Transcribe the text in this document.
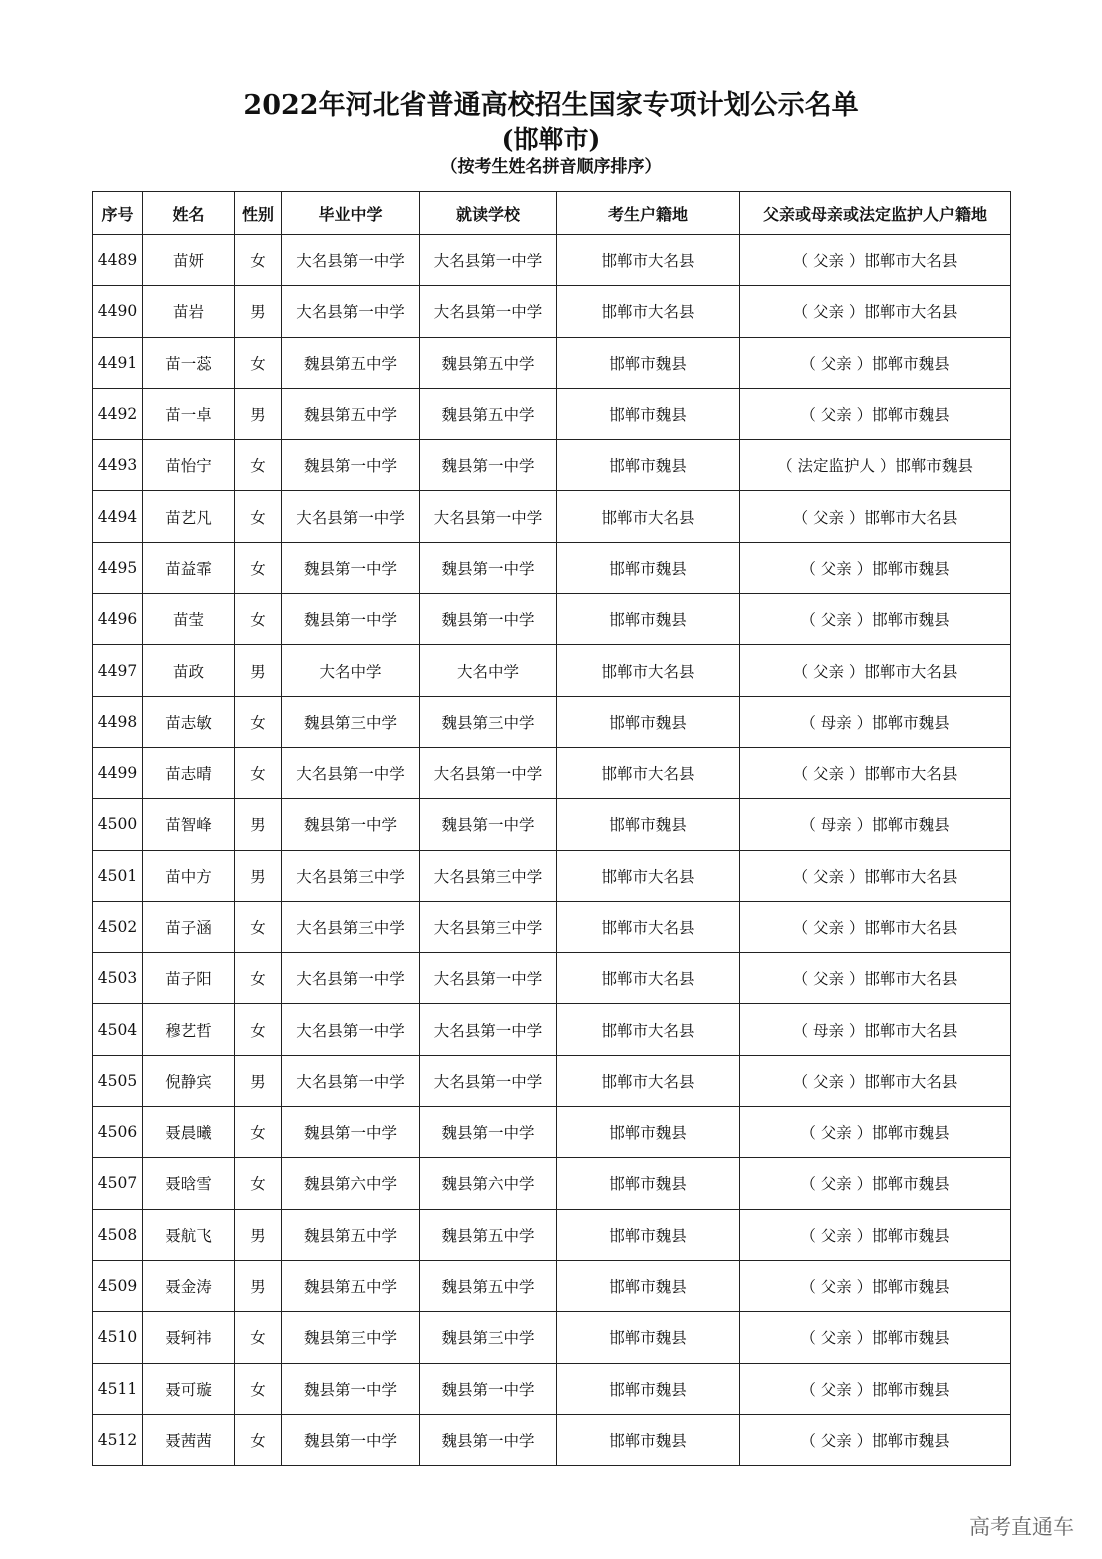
2022年河北省普通高校招生国家专项计划公示名单
(邯郸市)
（按考生姓名拼音顺序排序）
序号	姓名	性别	毕业中学	就读学校	考生户籍地	父亲或母亲或法定监护人户籍地
4489	苗妍	女	大名县第一中学	大名县第一中学	邯郸市大名县	（ 父亲 ）邯郸市大名县
4490	苗岩	男	大名县第一中学	大名县第一中学	邯郸市大名县	（ 父亲 ）邯郸市大名县
4491	苗一蕊	女	魏县第五中学	魏县第五中学	邯郸市魏县	（ 父亲 ）邯郸市魏县
4492	苗一卓	男	魏县第五中学	魏县第五中学	邯郸市魏县	（ 父亲 ）邯郸市魏县
4493	苗怡宁	女	魏县第一中学	魏县第一中学	邯郸市魏县	（ 法定监护人 ）邯郸市魏县
4494	苗艺凡	女	大名县第一中学	大名县第一中学	邯郸市大名县	（ 父亲 ）邯郸市大名县
4495	苗益霏	女	魏县第一中学	魏县第一中学	邯郸市魏县	（ 父亲 ）邯郸市魏县
4496	苗莹	女	魏县第一中学	魏县第一中学	邯郸市魏县	（ 父亲 ）邯郸市魏县
4497	苗政	男	大名中学	大名中学	邯郸市大名县	（ 父亲 ）邯郸市大名县
4498	苗志敏	女	魏县第三中学	魏县第三中学	邯郸市魏县	（ 母亲 ）邯郸市魏县
4499	苗志晴	女	大名县第一中学	大名县第一中学	邯郸市大名县	（ 父亲 ）邯郸市大名县
4500	苗智峰	男	魏县第一中学	魏县第一中学	邯郸市魏县	（ 母亲 ）邯郸市魏县
4501	苗中方	男	大名县第三中学	大名县第三中学	邯郸市大名县	（ 父亲 ）邯郸市大名县
4502	苗子涵	女	大名县第三中学	大名县第三中学	邯郸市大名县	（ 父亲 ）邯郸市大名县
4503	苗子阳	女	大名县第一中学	大名县第一中学	邯郸市大名县	（ 父亲 ）邯郸市大名县
4504	穆艺哲	女	大名县第一中学	大名县第一中学	邯郸市大名县	（ 母亲 ）邯郸市大名县
4505	倪静宾	男	大名县第一中学	大名县第一中学	邯郸市大名县	（ 父亲 ）邯郸市大名县
4506	聂晨曦	女	魏县第一中学	魏县第一中学	邯郸市魏县	（ 父亲 ）邯郸市魏县
4507	聂晗雪	女	魏县第六中学	魏县第六中学	邯郸市魏县	（ 父亲 ）邯郸市魏县
4508	聂航飞	男	魏县第五中学	魏县第五中学	邯郸市魏县	（ 父亲 ）邯郸市魏县
4509	聂金涛	男	魏县第五中学	魏县第五中学	邯郸市魏县	（ 父亲 ）邯郸市魏县
4510	聂轲祎	女	魏县第三中学	魏县第三中学	邯郸市魏县	（ 父亲 ）邯郸市魏县
4511	聂可璇	女	魏县第一中学	魏县第一中学	邯郸市魏县	（ 父亲 ）邯郸市魏县
4512	聂茜茜	女	魏县第一中学	魏县第一中学	邯郸市魏县	（ 父亲 ）邯郸市魏县
高考直通车
